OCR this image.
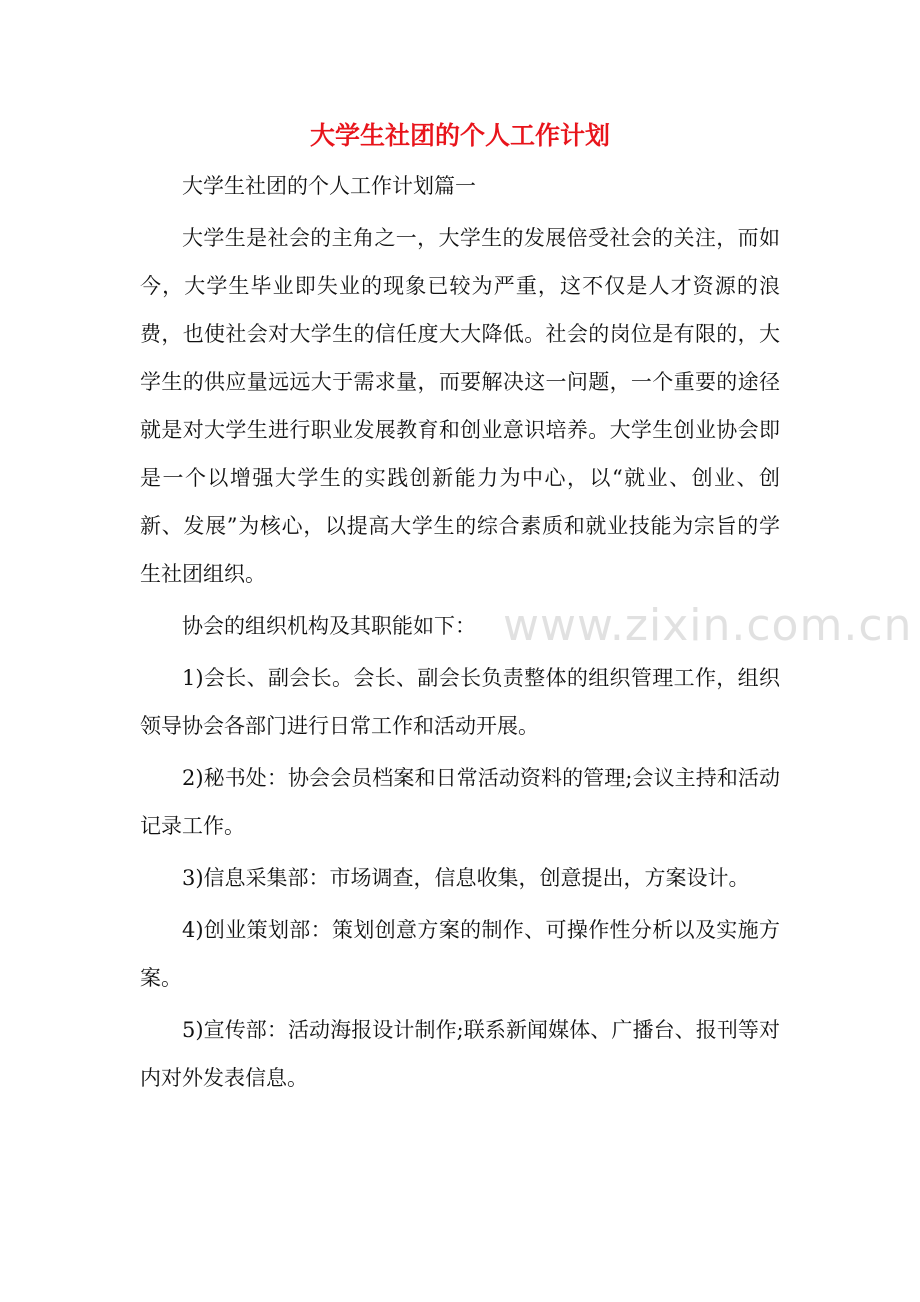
大学生社团的个人工作计划

大学生社团的个人工作计划篇一

大学生是社会的主角之一，大学生的发展倍受社会的关注，而如今，大学生毕业即失业的现象已较为严重，这不仅是人才资源的浪费，也使社会对大学生的信任度大大降低。社会的岗位是有限的，大学生的供应量远远大于需求量，而要解决这一问题，一个重要的途径就是对大学生进行职业发展教育和创业意识培养。大学生创业协会即是一个以增强大学生的实践创新能力为中心，以“就业、创业、创新、发展”为核心，以提高大学生的综合素质和就业技能为宗旨的学生社团组织。

协会的组织机构及其职能如下：

1)会长、副会长。会长、副会长负责整体的组织管理工作，组织领导协会各部门进行日常工作和活动开展。

2)秘书处：协会会员档案和日常活动资料的管理;会议主持和活动记录工作。

3)信息采集部：市场调查，信息收集，创意提出，方案设计。

4)创业策划部：策划创意方案的制作、可操作性分析以及实施方案。

5)宣传部：活动海报设计制作;联系新闻媒体、广播台、报刊等对内对外发表信息。

www.zixin.com.cn
